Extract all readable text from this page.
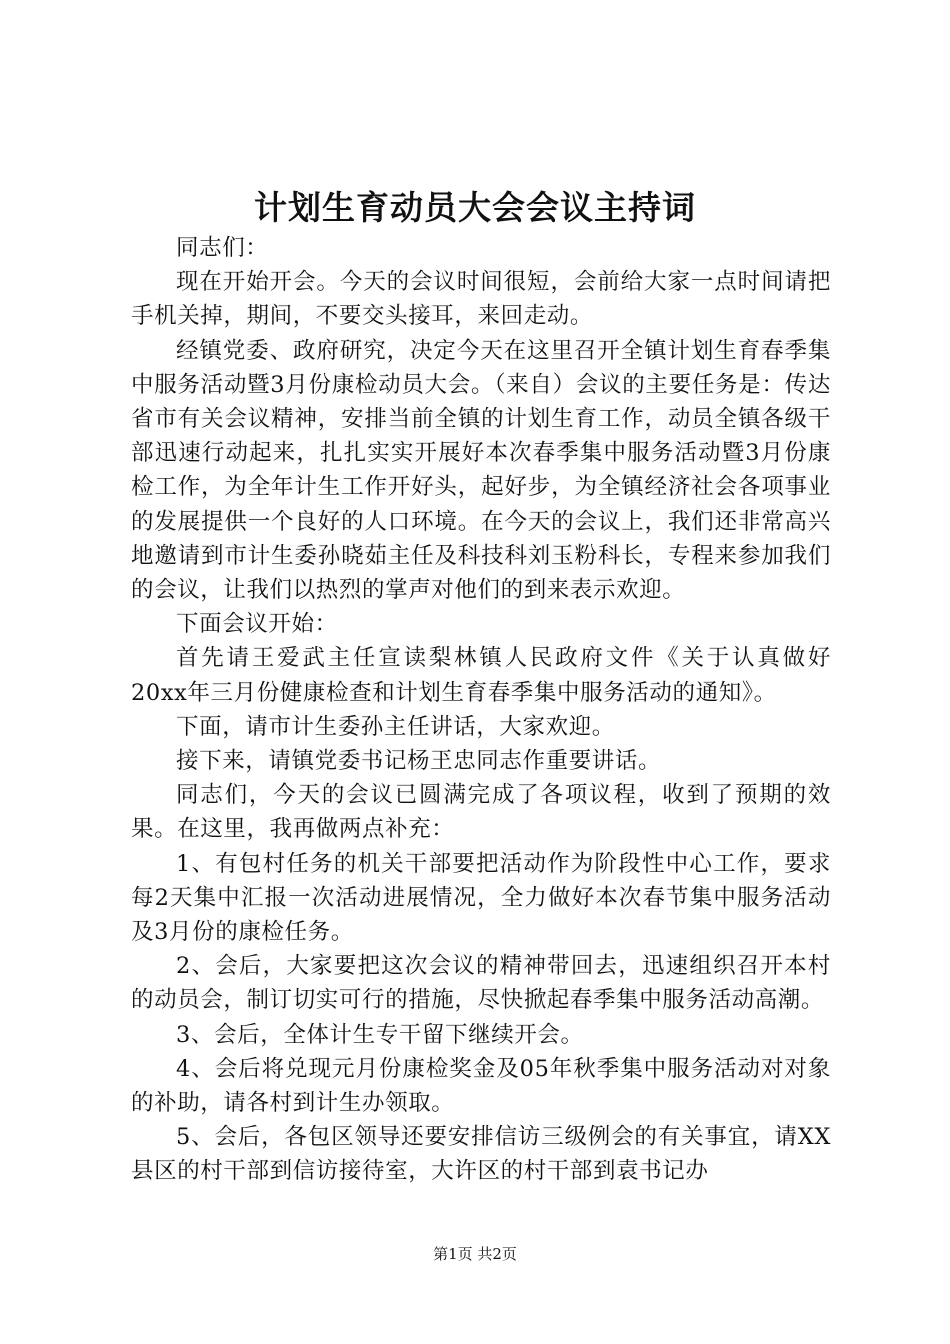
计划生育动员大会会议主持词

同志们：

现在开始开会。今天的会议时间很短，会前给大家一点时间请把手机关掉，期间，不要交头接耳，来回走动。

经镇党委、政府研究，决定今天在这里召开全镇计划生育春季集中服务活动暨3月份康检动员大会。（来自）会议的主要任务是：传达省市有关会议精神，安排当前全镇的计划生育工作，动员全镇各级干部迅速行动起来，扎扎实实开展好本次春季集中服务活动暨3月份康检工作，为全年计生工作开好头，起好步，为全镇经济社会各项事业的发展提供一个良好的人口环境。在今天的会议上，我们还非常高兴地邀请到市计生委孙晓茹主任及科技科刘玉粉科长，专程来参加我们的会议，让我们以热烈的掌声对他们的到来表示欢迎。

下面会议开始：

首先请王爱武主任宣读梨林镇人民政府文件《关于认真做好20xx年三月份健康检查和计划生育春季集中服务活动的通知》。

下面，请市计生委孙主任讲话，大家欢迎。

接下来，请镇党委书记杨玊忠同志作重要讲话。

同志们，今天的会议已圆满完成了各项议程，收到了预期的效果。在这里，我再做两点补充：

1、有包村任务的机关干部要把活动作为阶段性中心工作，要求每2天集中汇报一次活动进展情况，全力做好本次春节集中服务活动及3月份的康检任务。

2、会后，大家要把这次会议的精神带回去，迅速组织召开本村的动员会，制订切实可行的措施，尽快掀起春季集中服务活动高潮。

3、会后，全体计生专干留下继续开会。

4、会后将兑现元月份康检奖金及05年秋季集中服务活动对对象的补助，请各村到计生办领取。

5、会后，各包区领导还要安排信访三级例会的有关事宜，请XX县区的村干部到信访接待室，大许区的村干部到袁书记办

第1页 共2页
